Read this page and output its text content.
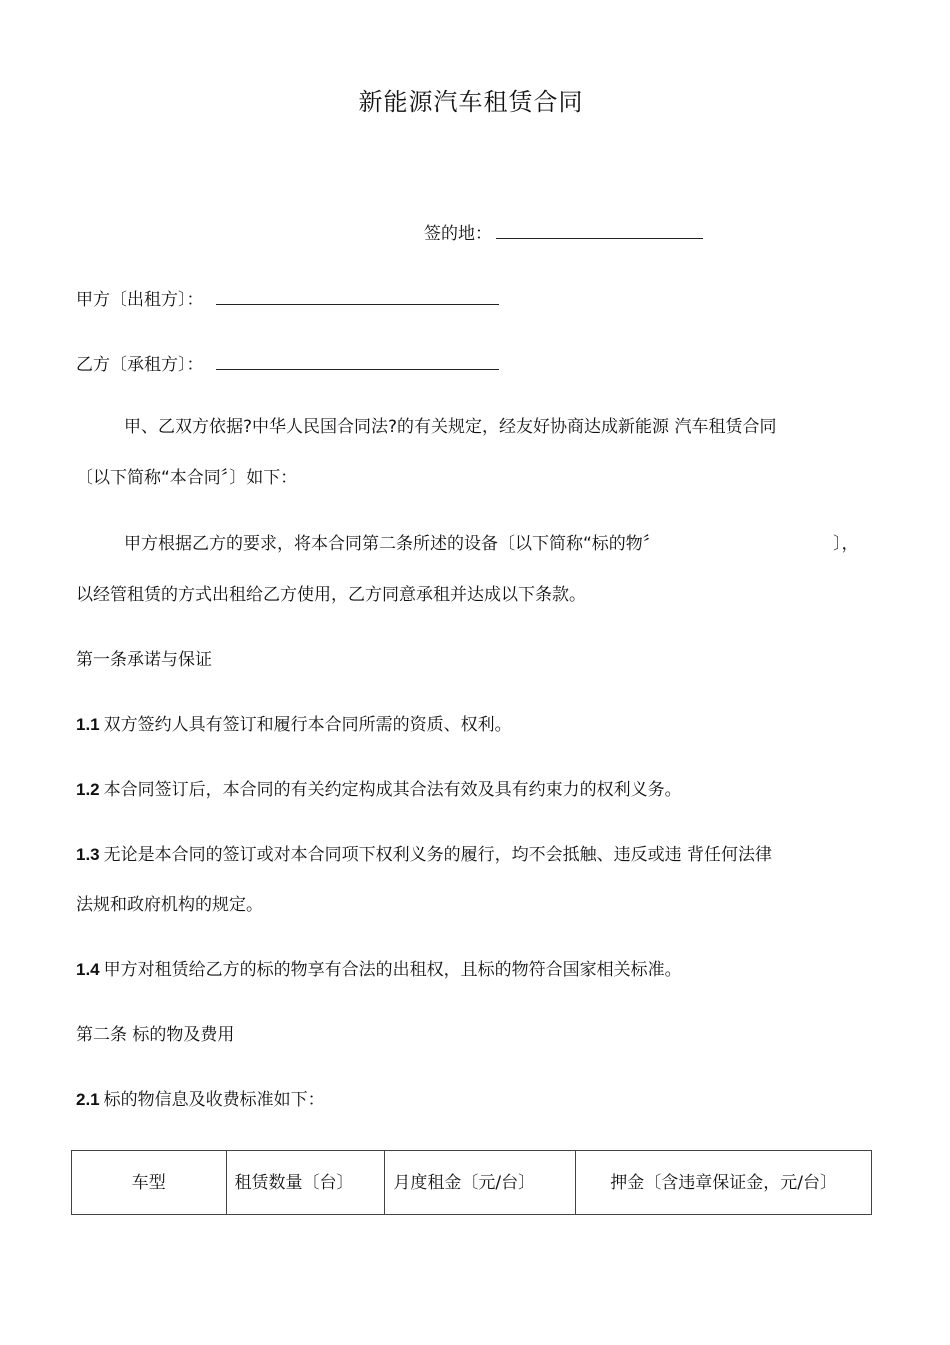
新能源汽车租赁合同
签的地：
甲方〔出租方〕：
乙方〔承租方〕：
甲、乙双方依据?中华人民国合同法?的有关规定，经友好协商达成新能源 汽车租赁合同
〔以下简称“本合同〞〕如下：
甲方根据乙方的要求，将本合同第二条所述的设备〔以下简称“标的物〞	〕，
以经管租赁的方式出租给乙方使用，乙方同意承租并达成以下条款。
第一条承诺与保证
1.1 双方签约人具有签订和履行本合同所需的资质、权利。
1.2 本合同签订后，本合同的有关约定构成其合法有效及具有约束力的权利义务。
1.3 无论是本合同的签订或对本合同项下权利义务的履行，均不会抵触、违反或违 背任何法律
法规和政府机构的规定。
1.4 甲方对租赁给乙方的标的物享有合法的出租权，且标的物符合国家相关标准。
第二条 标的物及费用
2.1 标的物信息及收费标准如下：
车型	租赁数量〔台〕	月度租金〔元/台〕	押金〔含违章保证金，元/台〕
